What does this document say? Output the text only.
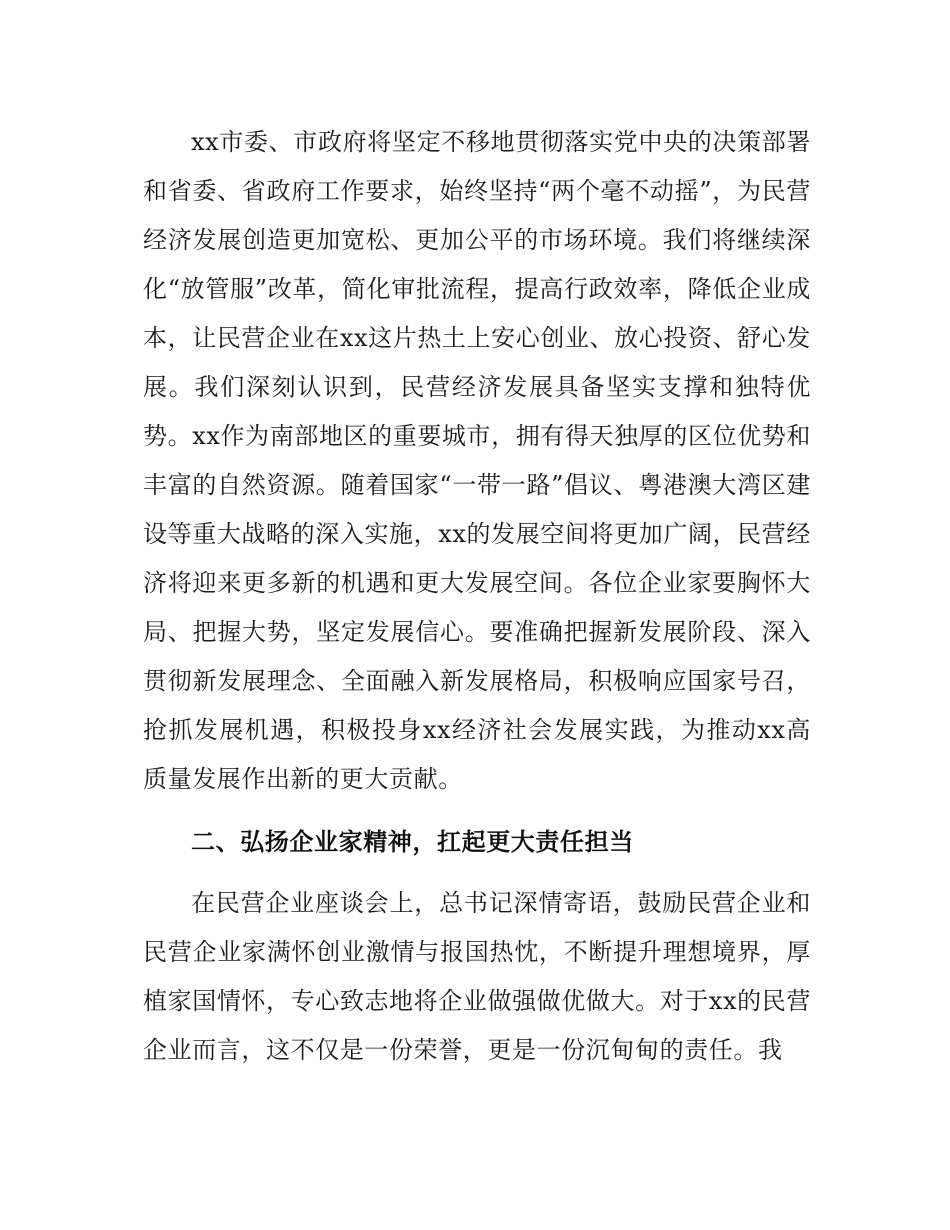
xx市委、市政府将坚定不移地贯彻落实党中央的决策部署和省委、省政府工作要求，始终坚持“两个毫不动摇”，为民营经济发展创造更加宽松、更加公平的市场环境。我们将继续深化“放管服”改革，简化审批流程，提高行政效率，降低企业成本，让民营企业在xx这片热土上安心创业、放心投资、舒心发展。我们深刻认识到，民营经济发展具备坚实支撑和独特优势。xx作为南部地区的重要城市，拥有得天独厚的区位优势和丰富的自然资源。随着国家“一带一路”倡议、粤港澳大湾区建设等重大战略的深入实施，xx的发展空间将更加广阔，民营经济将迎来更多新的机遇和更大发展空间。各位企业家要胸怀大局、把握大势，坚定发展信心。要准确把握新发展阶段、深入贯彻新发展理念、全面融入新发展格局，积极响应国家号召，抢抓发展机遇，积极投身xx经济社会发展实践，为推动xx高质量发展作出新的更大贡献。

二、弘扬企业家精神，扛起更大责任担当

在民营企业座谈会上，总书记深情寄语，鼓励民营企业和民营企业家满怀创业激情与报国热忱，不断提升理想境界，厚植家国情怀，专心致志地将企业做强做优做大。对于xx的民营企业而言，这不仅是一份荣誉，更是一份沉甸甸的责任。我
